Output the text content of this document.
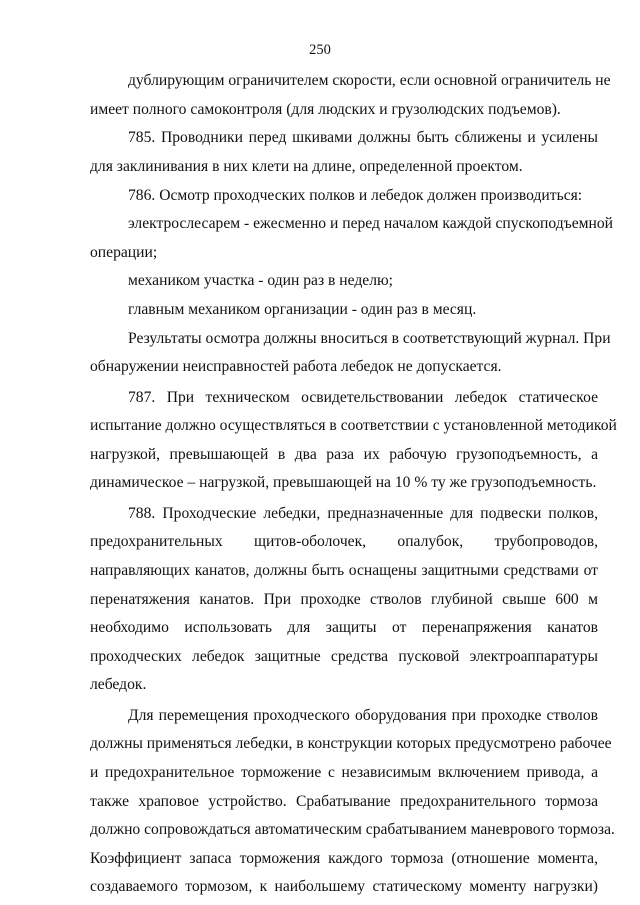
250
дублирующим ограничителем скорости, если основной ограничитель не
имеет полного самоконтроля (для людских и грузолюдских подъемов).
785. Проводники перед шкивами должны быть сближены и усилены
для заклинивания в них клети на длине, определенной проектом.
786. Осмотр проходческих полков и лебедок должен производиться:
электрослесарем - ежесменно и перед началом каждой спускоподъемной
операции;
механиком участка - один раз в неделю;
главным механиком организации - один раз в месяц.
Результаты осмотра должны вноситься в соответствующий журнал. При
обнаружении неисправностей работа лебедок не допускается.
787. При техническом освидетельствовании лебедок статическое
испытание должно осуществляться в соответствии с установленной методикой
нагрузкой, превышающей в два раза их рабочую грузоподъемность, а
динамическое – нагрузкой, превышающей на 10 % ту же грузоподъемность.
788. Проходческие лебедки, предназначенные для подвески полков,
предохранительных щитов-оболочек, опалубок, трубопроводов,
направляющих канатов, должны быть оснащены защитными средствами от
перенатяжения канатов. При проходке стволов глубиной свыше 600 м
необходимо использовать для защиты от перенапряжения канатов
проходческих лебедок защитные средства пусковой электроаппаратуры
лебедок.
Для перемещения проходческого оборудования при проходке стволов
должны применяться лебедки, в конструкции которых предусмотрено рабочее
и предохранительное торможение с независимым включением привода, а
также храповое устройство. Срабатывание предохранительного тормоза
должно сопровождаться автоматическим срабатыванием маневрового тормоза.
Коэффициент запаса торможения каждого тормоза (отношение момента,
создаваемого тормозом, к наибольшему статическому моменту нагрузки)
